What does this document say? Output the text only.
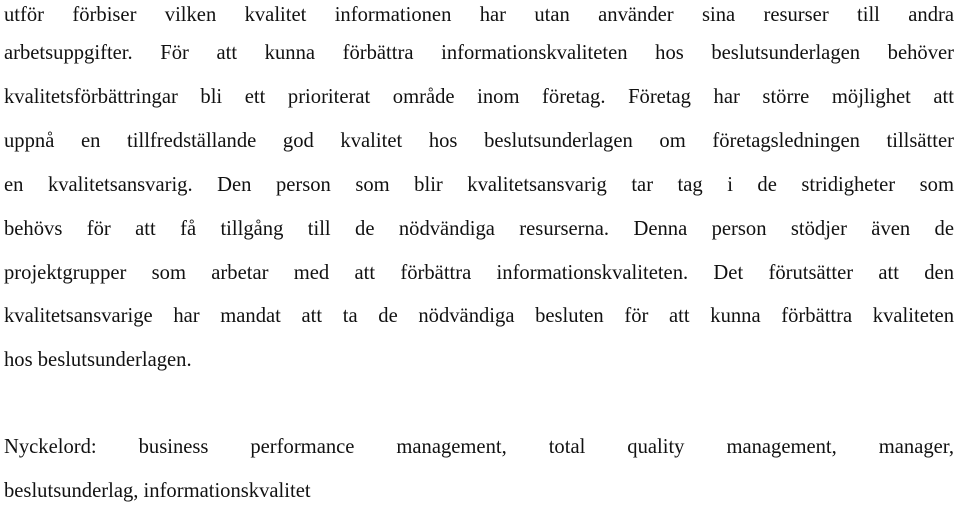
utför förbiser vilken kvalitet informationen har utan använder sina resurser till andra
arbetsuppgifter. För att kunna förbättra informationskvaliteten hos beslutsunderlagen behöver
kvalitetsförbättringar bli ett prioriterat område inom företag. Företag har större möjlighet att
uppnå en tillfredställande god kvalitet hos beslutsunderlagen om företagsledningen tillsätter
en kvalitetsansvarig. Den person som blir kvalitetsansvarig tar tag i de stridigheter som
behövs för att få tillgång till de nödvändiga resurserna. Denna person stödjer även de
projektgrupper som arbetar med att förbättra informationskvaliteten. Det förutsätter att den
kvalitetsansvarige har mandat att ta de nödvändiga besluten för att kunna förbättra kvaliteten
hos beslutsunderlagen.
Nyckelord: business performance management, total quality management, manager,
beslutsunderlag, informationskvalitet
